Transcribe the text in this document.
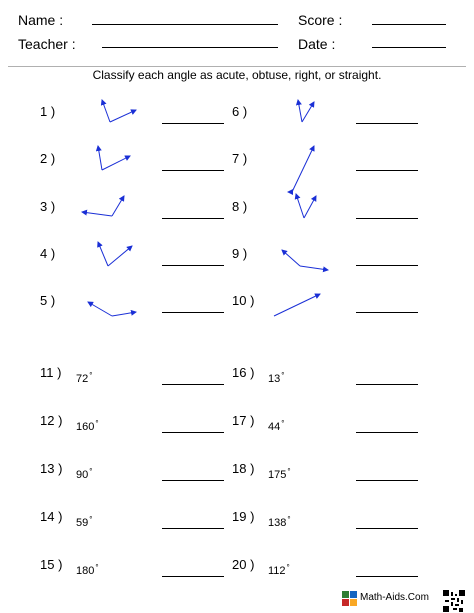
Name :	Score :
Teacher :	Date :
Classify each angle as acute, obtuse, right, or straight.
1 )
2 )
3 )
4 )
5 )
6 )
7 )
8 )
9 )
10 )
11 ) 72°
12 ) 160°
13 ) 90°
14 ) 59°
15 ) 180°
16 ) 13°
17 ) 44°
18 ) 175°
19 ) 138°
20 ) 112°
Math-Aids.Com
